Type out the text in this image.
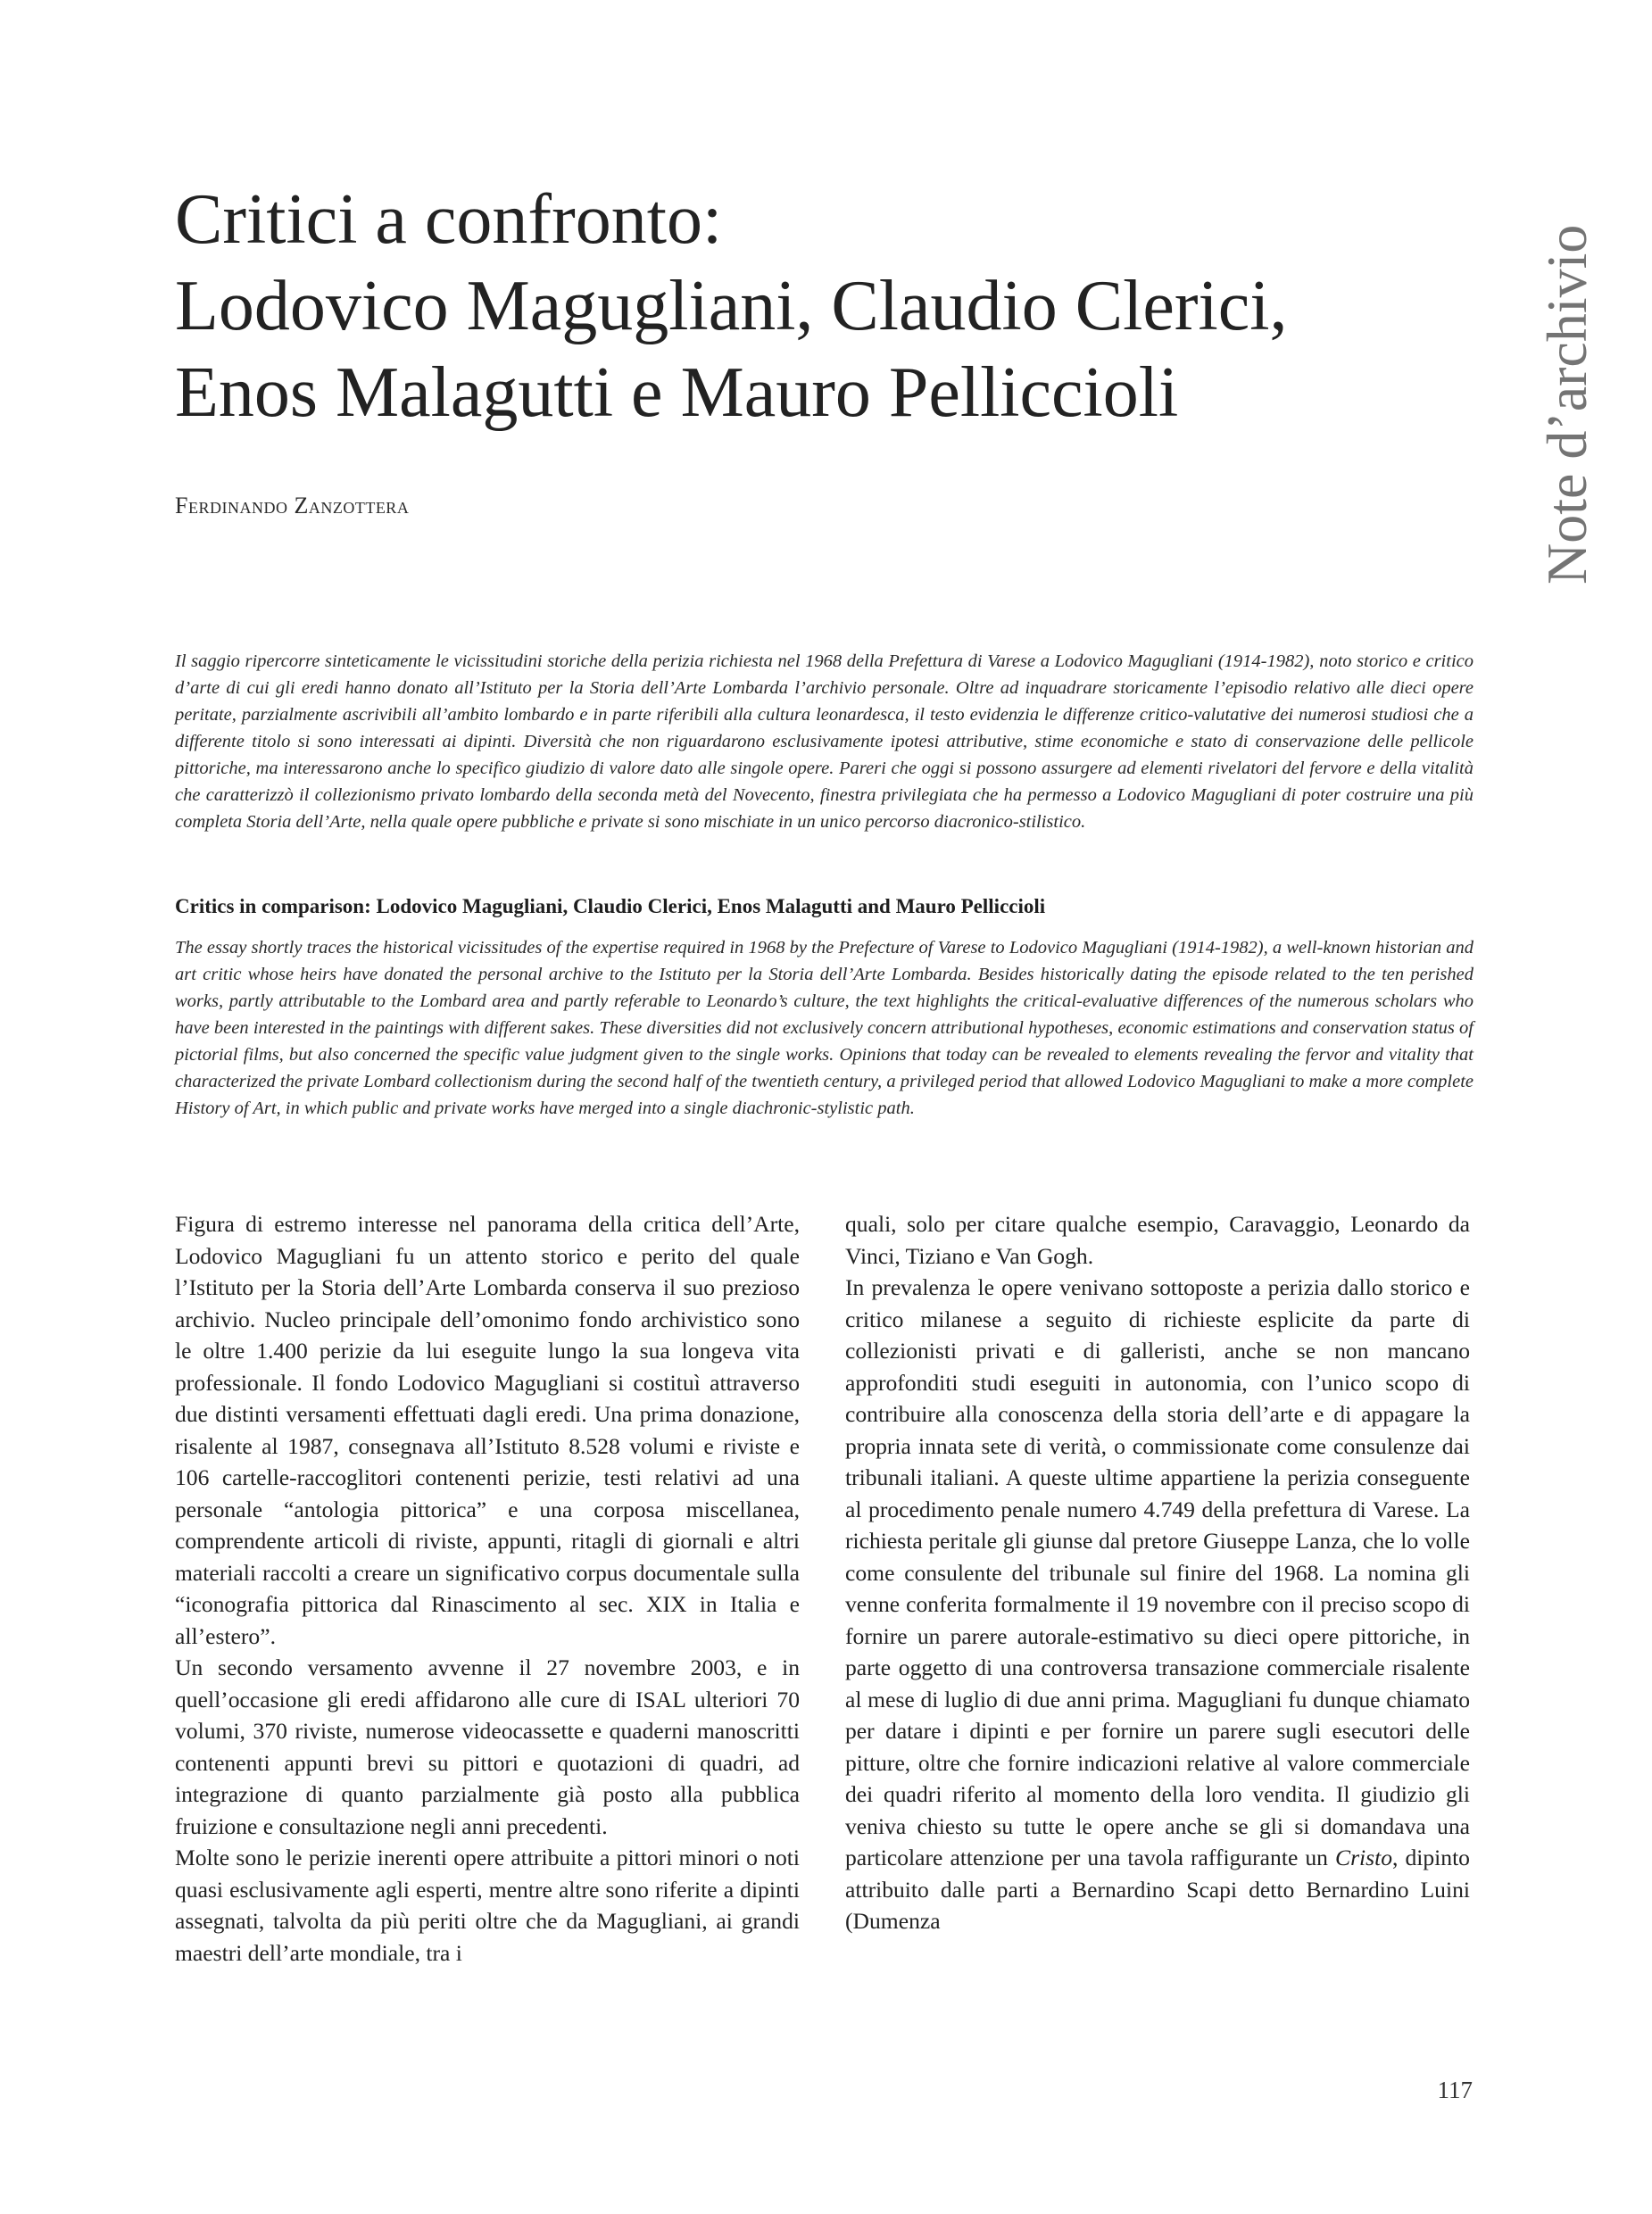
Critici a confronto:
Lodovico Magugliani, Claudio Clerici,
Enos Malagutti e Mauro Pelliccioli
Ferdinando Zanzottera	Note d’archivio

Il saggio ripercorre sinteticamente le vicissitudini storiche della perizia richiesta nel 1968 della Prefettura di Varese a Lodovico Magugliani (1914-1982), noto storico e critico d’arte di cui gli eredi hanno donato all’Istituto per la Storia dell’Arte Lombarda l’archivio personale. Oltre ad inquadrare storicamente l’episodio relativo alle dieci opere peritate, parzialmente ascrivibili all’ambito lombardo e in parte riferibili alla cultura leonardesca, il testo evidenzia le differenze critico-valutative dei numerosi studiosi che a differente titolo si sono interessati ai dipinti. Diversità che non riguardarono esclusivamente ipotesi attributive, stime economiche e stato di conservazione delle pellicole pittoriche, ma interessarono anche lo specifico giudizio di valore dato alle singole opere. Pareri che oggi si possono assurgere ad elementi rivelatori del fervore e della vitalità che caratterizzò il collezionismo privato lombardo della seconda metà del Novecento, finestra privilegiata che ha permesso a Lodovico Magugliani di poter costruire una più completa Storia dell’Arte, nella quale opere pubbliche e private si sono mischiate in un unico percorso diacronico-stilistico.

Critics in comparison: Lodovico Magugliani, Claudio Clerici, Enos Malagutti and Mauro Pelliccioli

The essay shortly traces the historical vicissitudes of the expertise required in 1968 by the Prefecture of Varese to Lodovico Magugliani (1914-1982), a well-known historian and art critic whose heirs have donated the personal archive to the Istituto per la Storia dell’Arte Lombarda. Besides historically dating the episode related to the ten perished works, partly attributable to the Lombard area and partly referable to Leonardo’s culture, the text highlights the critical-evaluative differences of the numerous scholars who have been interested in the paintings with different sakes. These diversities did not exclusively concern attributional hypotheses, economic estimations and conservation status of pictorial films, but also concerned the specific value judgment given to the single works. Opinions that today can be revealed to elements revealing the fervor and vitality that characterized the private Lombard collectionism during the second half of the twentieth century, a privileged period that allowed Lodovico Magugliani to make a more complete History of Art, in which public and private works have merged into a single diachronic-stylistic path.

Figura di estremo interesse nel panorama della critica dell’Arte, Lodovico Magugliani fu un attento storico e perito del quale l’Istituto per la Storia dell’Arte Lombarda conserva il suo prezioso archivio. Nucleo principale dell’omonimo fondo archivistico sono le oltre 1.400 perizie da lui eseguite lungo la sua longeva vita professionale. Il fondo Lodovico Magugliani si costituì attraverso due distinti versamenti effettuati dagli eredi. Una prima donazione, risalente al 1987, consegnava all’Istituto 8.528 volumi e riviste e 106 cartelle-raccoglitori contenenti perizie, testi relativi ad una personale “antologia pittorica” e una corposa miscellanea, comprendente articoli di riviste, appunti, ritagli di giornali e altri materiali raccolti a creare un significativo corpus documentale sulla “iconografia pittorica dal Rinascimento al sec. XIX in Italia e all’estero”.

Un secondo versamento avvenne il 27 novembre 2003, e in quell’occasione gli eredi affidarono alle cure di ISAL ulteriori 70 volumi, 370 riviste, numerose videocassette e quaderni manoscritti contenenti appunti brevi su pittori e quotazioni di quadri, ad integrazione di quanto parzialmente già posto alla pubblica fruizione e consultazione negli anni precedenti.

Molte sono le perizie inerenti opere attribuite a pittori minori o noti quasi esclusivamente agli esperti, mentre altre sono riferite a dipinti assegnati, talvolta da più periti oltre che da Magugliani, ai grandi maestri dell’arte mondiale, tra i

quali, solo per citare qualche esempio, Caravaggio, Leonardo da Vinci, Tiziano e Van Gogh.

In prevalenza le opere venivano sottoposte a perizia dallo storico e critico milanese a seguito di richieste esplicite da parte di collezionisti privati e di galleristi, anche se non mancano approfonditi studi eseguiti in autonomia, con l’unico scopo di contribuire alla conoscenza della storia dell’arte e di appagare la propria innata sete di verità, o commissionate come consulenze dai tribunali italiani. A queste ultime appartiene la perizia conseguente al procedimento penale numero 4.749 della prefettura di Varese. La richiesta peritale gli giunse dal pretore Giuseppe Lanza, che lo volle come consulente del tribunale sul finire del 1968. La nomina gli venne conferita formalmente il 19 novembre con il preciso scopo di fornire un parere autorale-estimativo su dieci opere pittoriche, in parte oggetto di una controversa transazione commerciale risalente al mese di luglio di due anni prima. Magugliani fu dunque chiamato per datare i dipinti e per fornire un parere sugli esecutori delle pitture, oltre che fornire indicazioni relative al valore commerciale dei quadri riferito al momento della loro vendita. Il giudizio gli veniva chiesto su tutte le opere anche se gli si domandava una particolare attenzione per una tavola raffigurante un Cristo, dipinto attribuito dalle parti a Bernardino Scapi detto Bernardino Luini (Dumenza

117
